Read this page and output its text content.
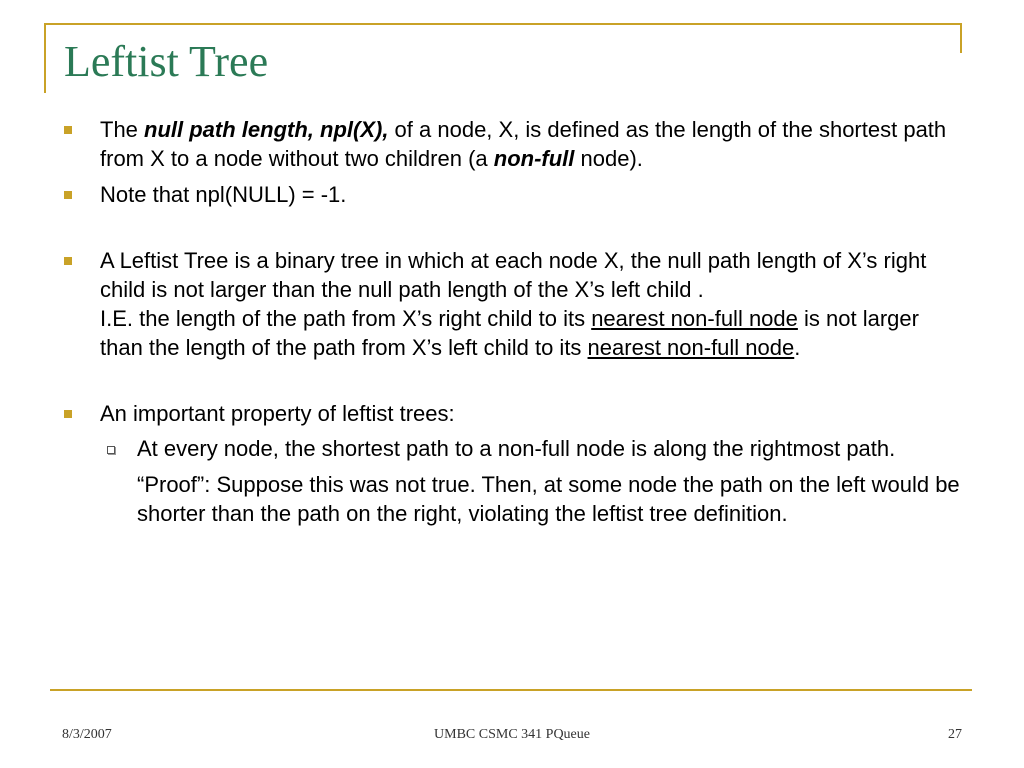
Leftist Tree
The null path length, npl(X), of a node, X, is defined as the length of the shortest path from X to a node without two children (a non-full node).
Note that npl(NULL) = -1.
A Leftist Tree is a binary tree in which at each node X, the null path length of X’s right child is not larger than the null path length of the X’s left child .
I.E. the length of the path from X’s right child to its nearest non-full node is not larger than the length of the path from X’s left child to its nearest non-full node.
An important property of leftist trees:
At every node, the shortest path to a non-full node is along the rightmost path.
“Proof”: Suppose this was not true. Then, at some node the path on the left would be shorter than the path on the right, violating the leftist tree definition.
8/3/2007	UMBC CSMC 341 PQueue	27
